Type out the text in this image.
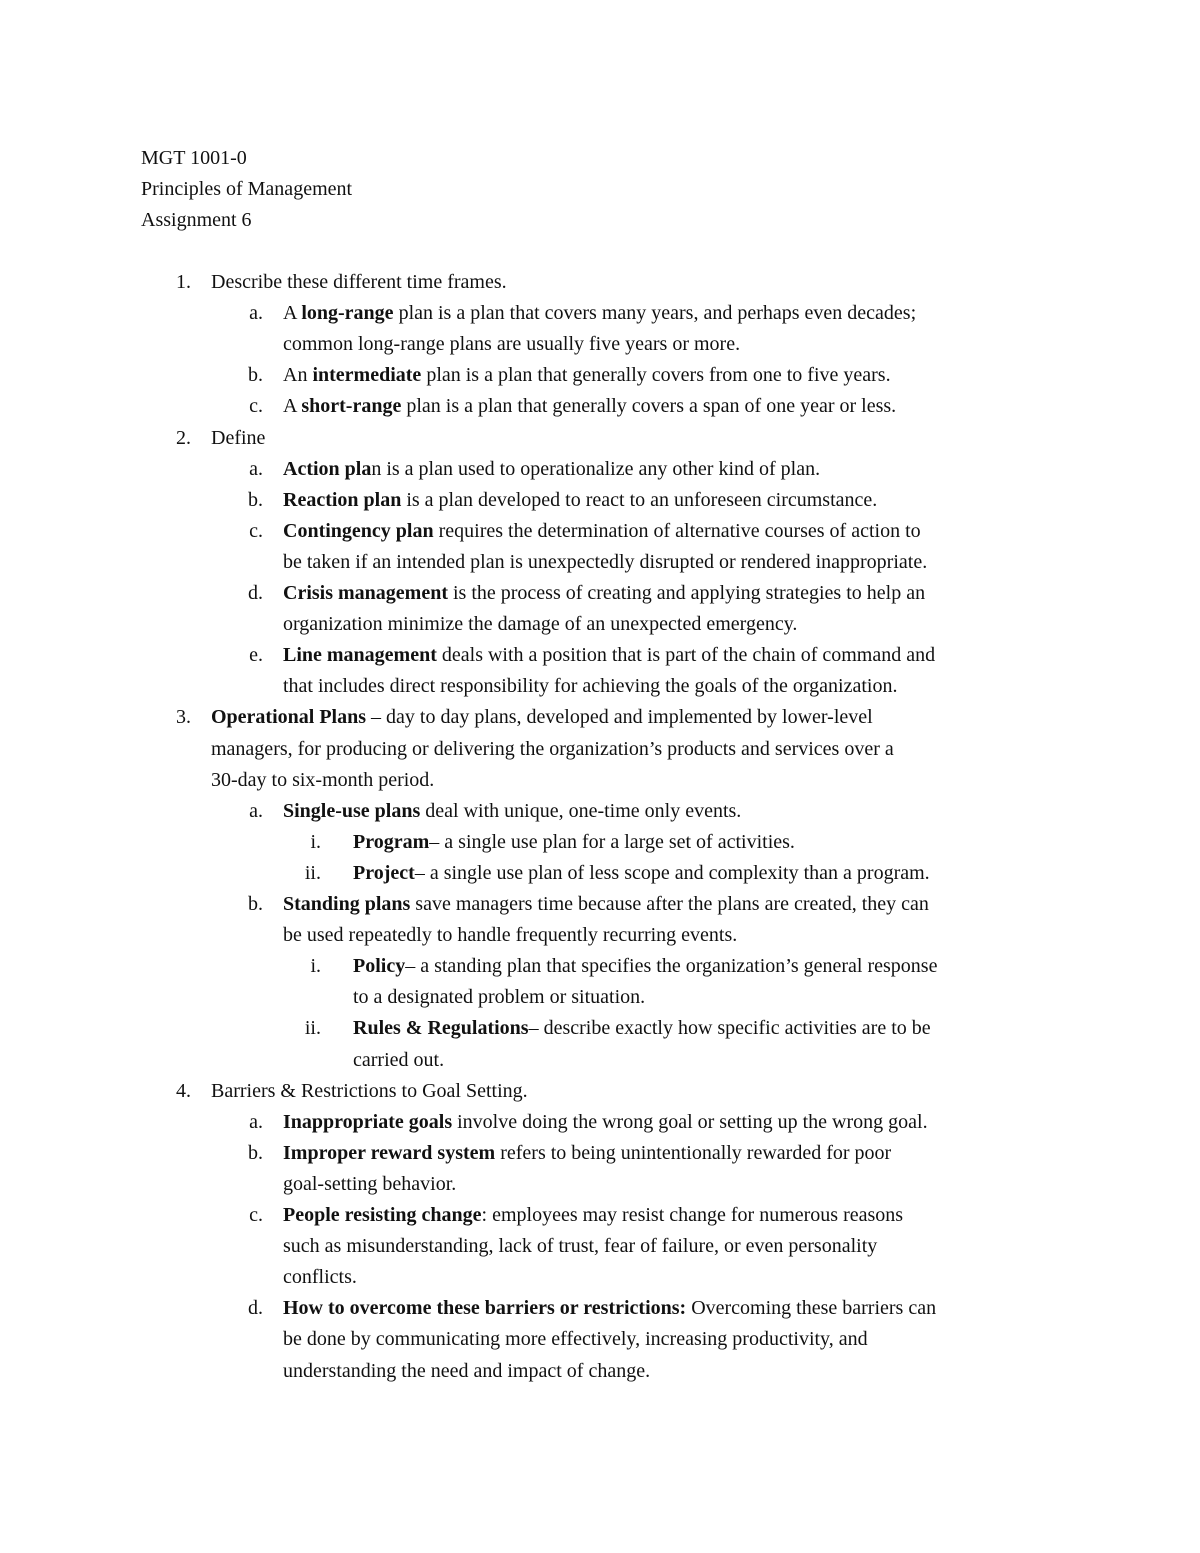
MGT 1001-0
Principles of Management
Assignment 6
1. Describe these different time frames.
a. A long-range plan is a plan that covers many years, and perhaps even decades;
common long-range plans are usually five years or more.
b. An intermediate plan is a plan that generally covers from one to five years.
c. A short-range plan is a plan that generally covers a span of one year or less.
2. Define
a. Action plan is a plan used to operationalize any other kind of plan.
b. Reaction plan is a plan developed to react to an unforeseen circumstance.
c. Contingency plan requires the determination of alternative courses of action to
be taken if an intended plan is unexpectedly disrupted or rendered inappropriate.
d. Crisis management is the process of creating and applying strategies to help an
organization minimize the damage of an unexpected emergency.
e. Line management deals with a position that is part of the chain of command and
that includes direct responsibility for achieving the goals of the organization.
3. Operational Plans – day to day plans, developed and implemented by lower-level
managers, for producing or delivering the organization’s products and services over a
30-day to six-month period.
a. Single-use plans deal with unique, one-time only events.
i. Program– a single use plan for a large set of activities.
ii. Project– a single use plan of less scope and complexity than a program.
b. Standing plans save managers time because after the plans are created, they can
be used repeatedly to handle frequently recurring events.
i. Policy– a standing plan that specifies the organization’s general response
to a designated problem or situation.
ii. Rules & Regulations– describe exactly how specific activities are to be
carried out.
4. Barriers & Restrictions to Goal Setting.
a. Inappropriate goals involve doing the wrong goal or setting up the wrong goal.
b. Improper reward system refers to being unintentionally rewarded for poor
goal-setting behavior.
c. People resisting change: employees may resist change for numerous reasons
such as misunderstanding, lack of trust, fear of failure, or even personality
conflicts.
d. How to overcome these barriers or restrictions: Overcoming these barriers can
be done by communicating more effectively, increasing productivity, and
understanding the need and impact of change.
